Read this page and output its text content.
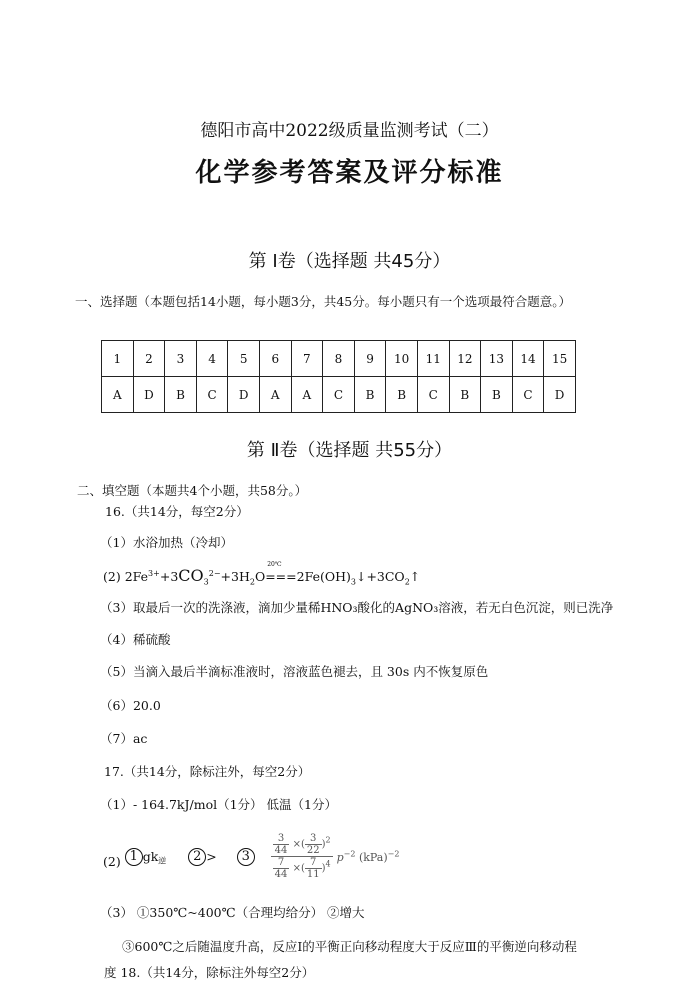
德阳市高中2022级质量监测考试（二）
化学参考答案及评分标准
第 Ⅰ卷（选择题 共45分）
一、选择题（本题包括14小题，每小题3分，共45分。每小题只有一个选项最符合题意。）
1	2	3	4	5	6	7	8	9	10	11	12	13	14	15
A	D	B	C	D	A	A	C	B	B	C	B	B	C	D
第 Ⅱ卷（选择题 共55分）
二、填空题（本题共4个小题，共58分。）
16.（共14分，每空2分）
（1）水浴加热（冷却）
(2) $2Fe^{3+}+3CO_3^{2-}+3H_2O$
20℃
$===2Fe(OH)_3↓+3CO_2↑$
（3）取最后一次的洗涤液，滴加少量稀HNO₃酸化的AgNO₃溶液，若无白色沉淀，则已洗净
（4）稀硫酸
（5）当滴入最后半滴标准液时，溶液蓝色褪去，且 30s 内不恢复原色
（6）20.0
（7）ac
17.（共14分，除标注外，每空2分）
（1）- 164.7kJ/mol（1分） 低温（1分）
(2) 1 $gk_逆$ $2 > 3 \frac{\frac{3}{44} \times( \frac{3}{22} )^2}{\frac{7}{44} \times( \frac{7}{11} )^4} p^{-2}$ (kPa)$^{-2}$
（3） ①350℃~400℃（合理均给分） ②增大
③600℃之后随温度升高，反应Ⅰ的平衡正向移动程度大于反应Ⅲ的平衡逆向移动程
度 18.（共14分，除标注外每空2分）
